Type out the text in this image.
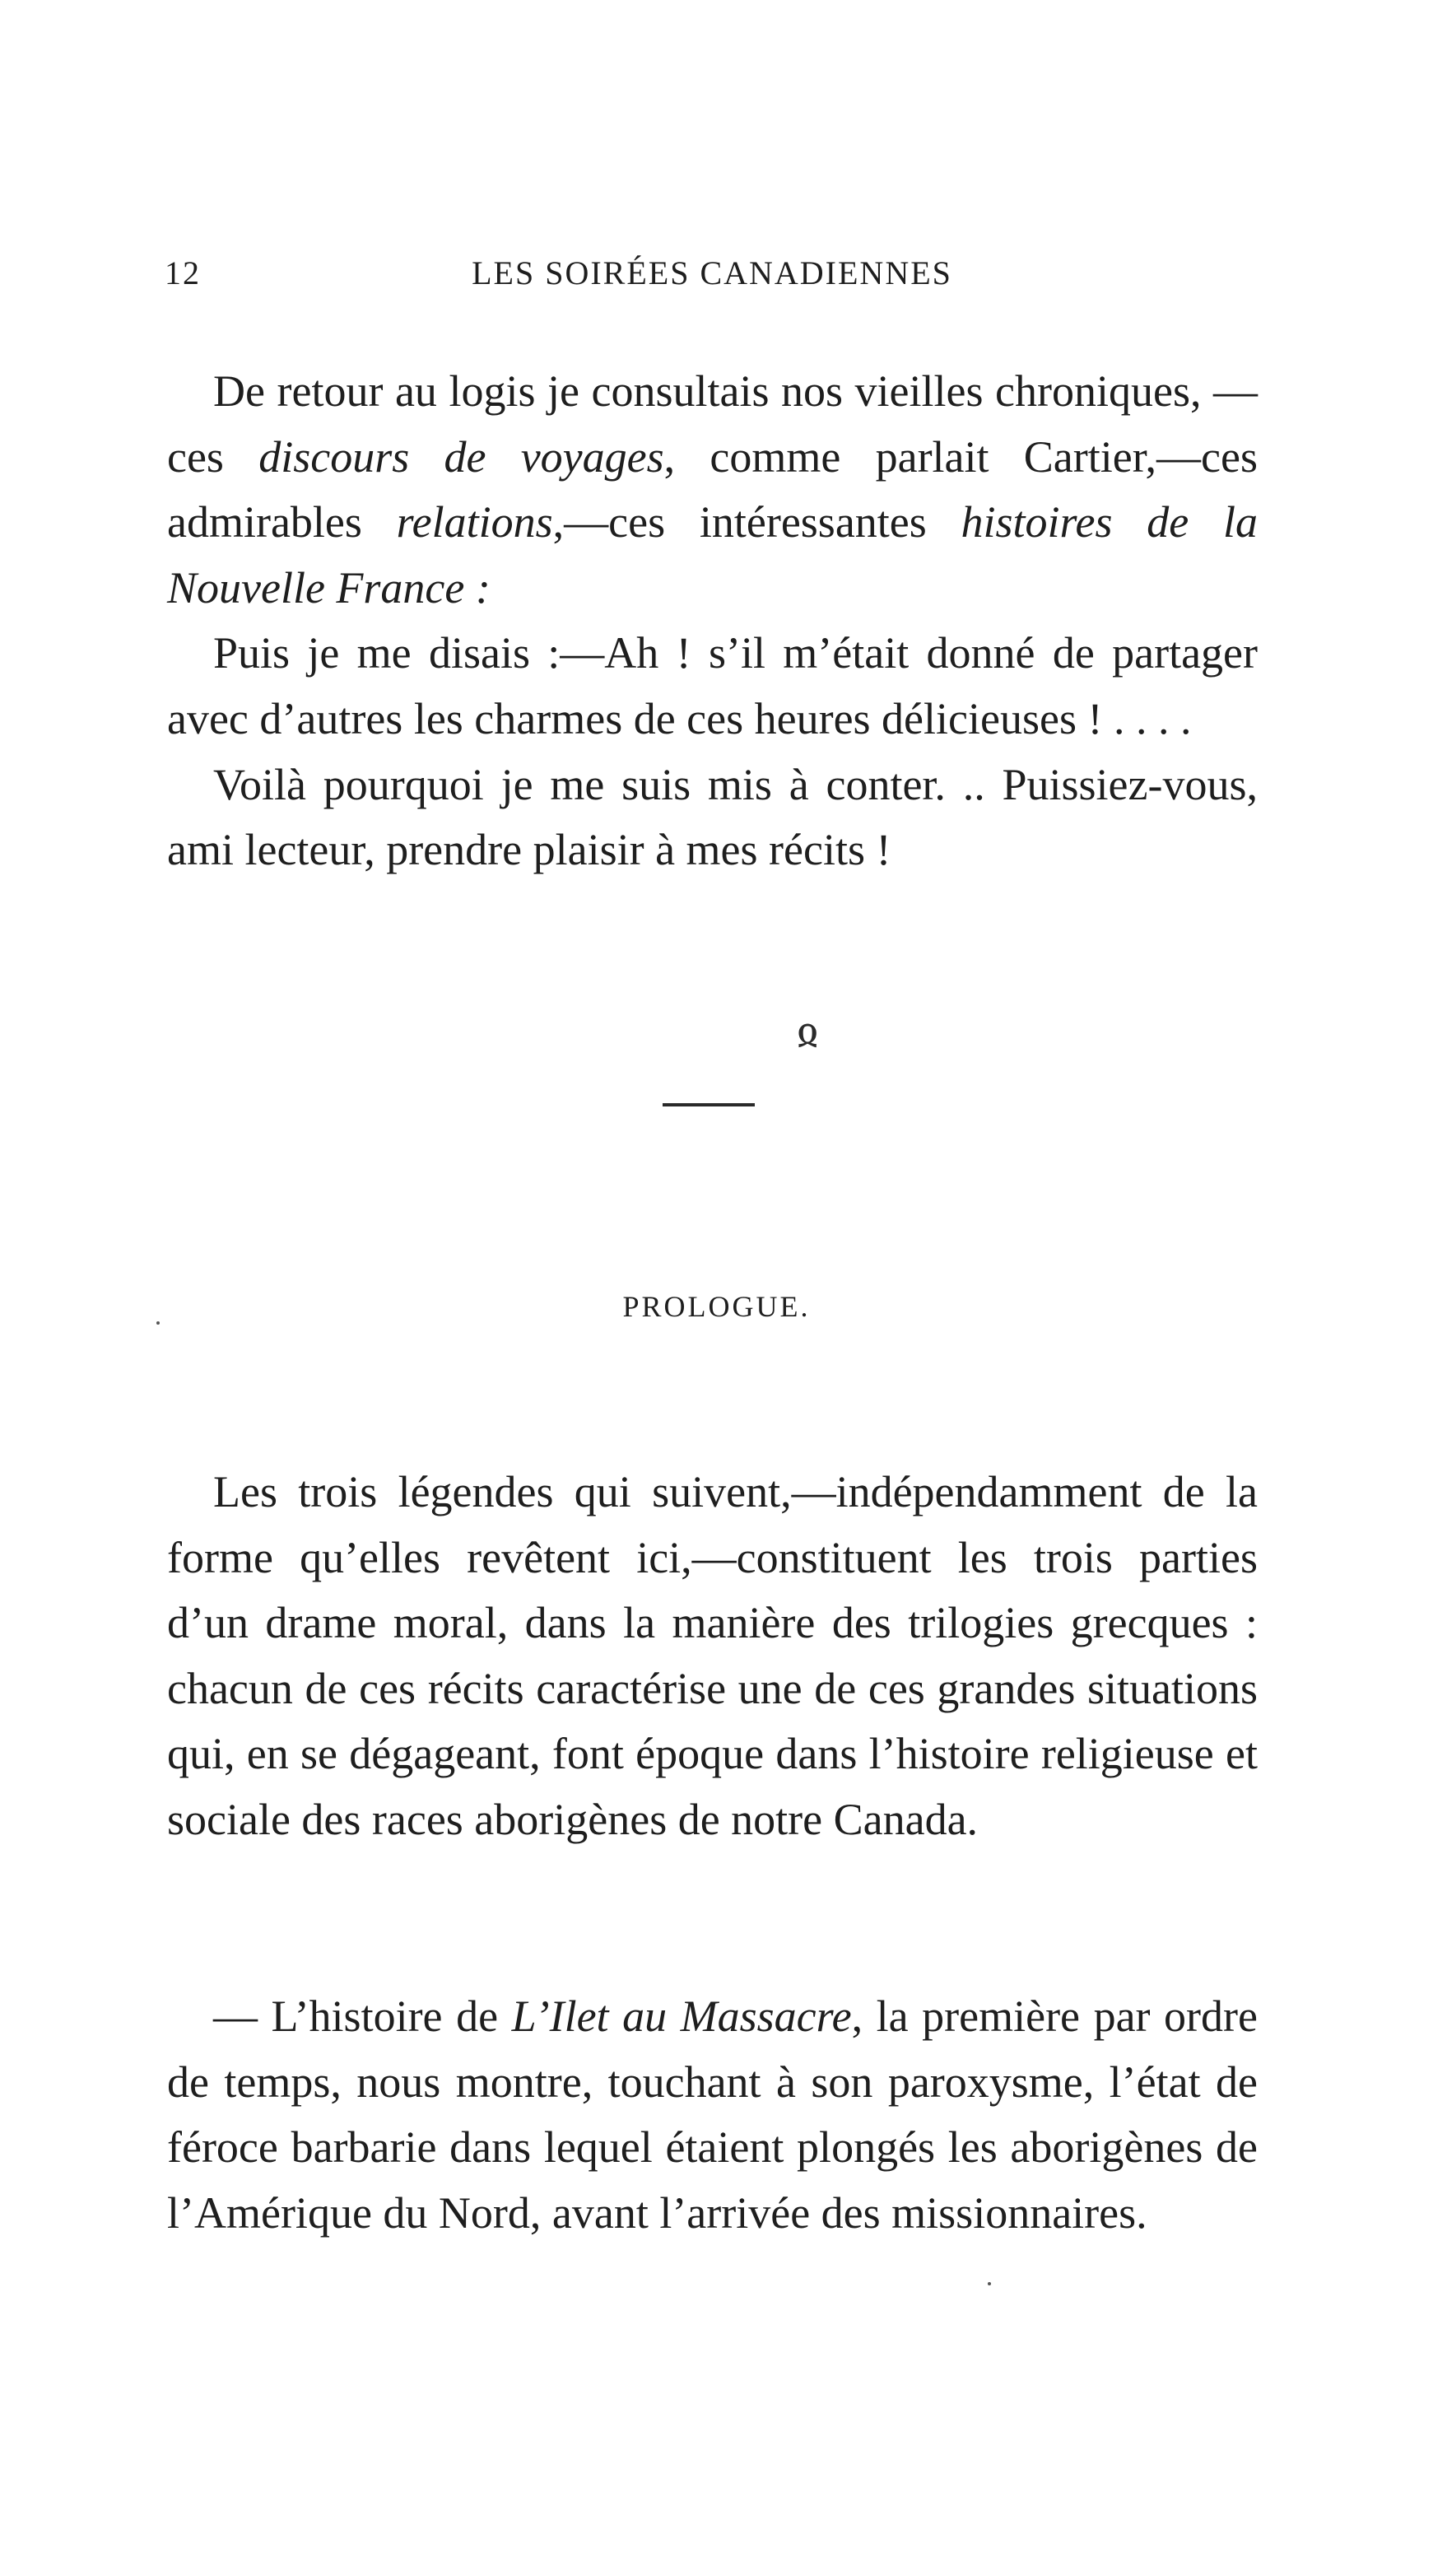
12	LES SOIRÉES CANADIENNES

De retour au logis je consultais nos vieilles chroniques, — ces discours de voyages, comme parlait Cartier,—ces admirables relations,—ces intéressantes histoires de la Nouvelle France :

Puis je me disais :—Ah ! s’il m’était donné de partager avec d’autres les charmes de ces heures délicieuses ! . . . .

Voilà pourquoi je me suis mis à conter. .. Puissiez-vous, ami lecteur, prendre plaisir à mes récits !

ჲ
PROLOGUE.

Les trois légendes qui suivent,—indépendamment de la forme qu’elles revêtent ici,—constituent les trois parties d’un drame moral, dans la manière des trilogies grecques : chacun de ces récits caractérise une de ces grandes situations qui, en se dégageant, font époque dans l’histoire religieuse et sociale des races aborigènes de notre Canada.

— L’histoire de L’Ilet au Massacre, la première par ordre de temps, nous montre, touchant à son paroxysme, l’état de féroce barbarie dans lequel étaient plongés les aborigènes de l’Amérique du Nord, avant l’arrivée des missionnaires.
